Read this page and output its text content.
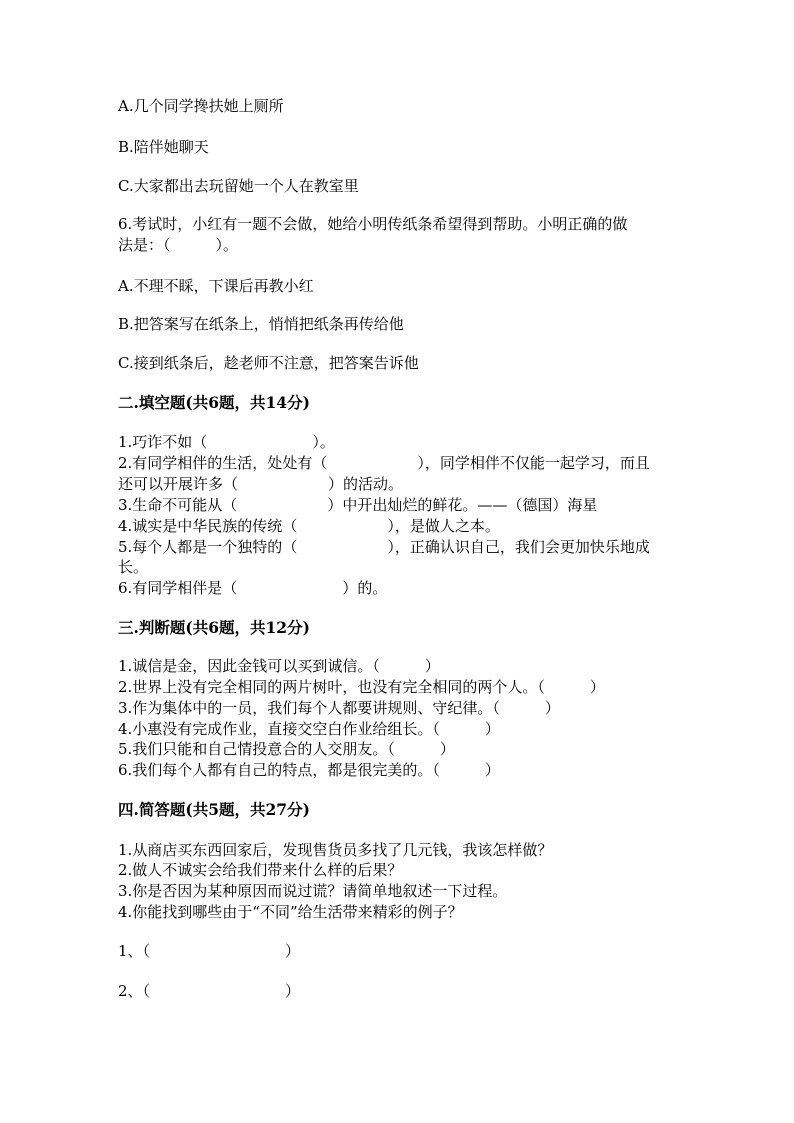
A.几个同学搀扶她上厕所
B.陪伴她聊天
C.大家都出去玩留她一个人在教室里
6.考试时，小红有一题不会做，她给小明传纸条希望得到帮助。小明正确的做
法是：（　　　）。
A.不理不睬，下课后再教小红
B.把答案写在纸条上，悄悄把纸条再传给他
C.接到纸条后，趁老师不注意，把答案告诉他
二.填空题(共6题，共14分)
1.巧诈不如（　　　　　　　）。
2.有同学相伴的生活，处处有（　　　　　　），同学相伴不仅能一起学习，而且
还可以开展许多（　　　　　　）的活动。
3.生命不可能从（　　　　　　）中开出灿烂的鲜花。——（德国）海星
4.诚实是中华民族的传统（　　　　　　），是做人之本。
5.每个人都是一个独特的（　　　　　　），正确认识自己，我们会更加快乐地成
长。
6.有同学相伴是（　　　　　　　）的。
三.判断题(共6题，共12分)
1.诚信是金，因此金钱可以买到诚信。（　　　）
2.世界上没有完全相同的两片树叶，也没有完全相同的两个人。（　　　）
3.作为集体中的一员，我们每个人都要讲规则、守纪律。（　　　）
4.小惠没有完成作业，直接交空白作业给组长。（　　　）
5.我们只能和自己情投意合的人交朋友。（　　　）
6.我们每个人都有自己的特点，都是很完美的。（　　　）
四.简答题(共5题，共27分)
1.从商店买东西回家后，发现售货员多找了几元钱，我该怎样做？
2.做人不诚实会给我们带来什么样的后果？
3.你是否因为某种原因而说过谎？请简单地叙述一下过程。
4.你能找到哪些由于“不同”给生活带来精彩的例子？
1、（　　　　　　　　　）
2、（　　　　　　　　　）
